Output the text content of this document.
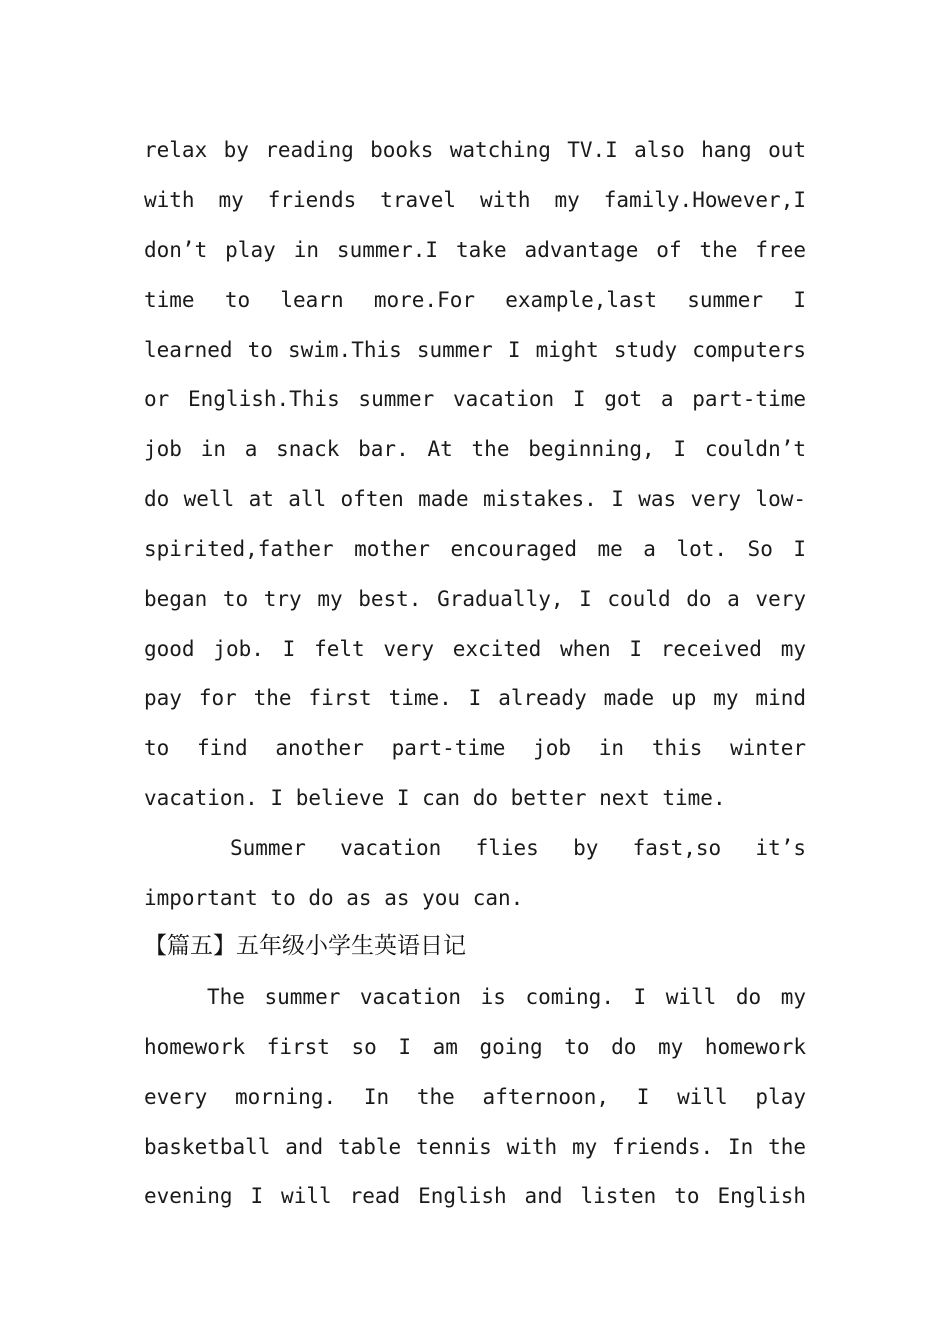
relax by reading books watching TV.I also hang out
with my friends travel with my family.However,I
don’t play in summer.I take advantage of the free
time to learn more.For example,last summer I
learned to swim.This summer I might study computers
or English.This summer vacation I got a part-time
job in a snack bar. At the beginning, I couldn’t
do well at all often made mistakes. I was very low-
spirited,father mother encouraged me a lot. So I
began to try my best. Gradually, I could do a very
good job. I felt very excited when I received my
pay for the first time. I already made up my mind
to find another part-time job in this winter
vacation. I believe I can do better next time.
Summer vacation flies by fast,so it’s
important to do as as you can.
【篇五】五年级小学生英语日记
The summer vacation is coming. I will do my
homework first so I am going to do my homework
every morning. In the afternoon, I will play
basketball and table tennis with my friends. In the
evening I will read English and listen to English
